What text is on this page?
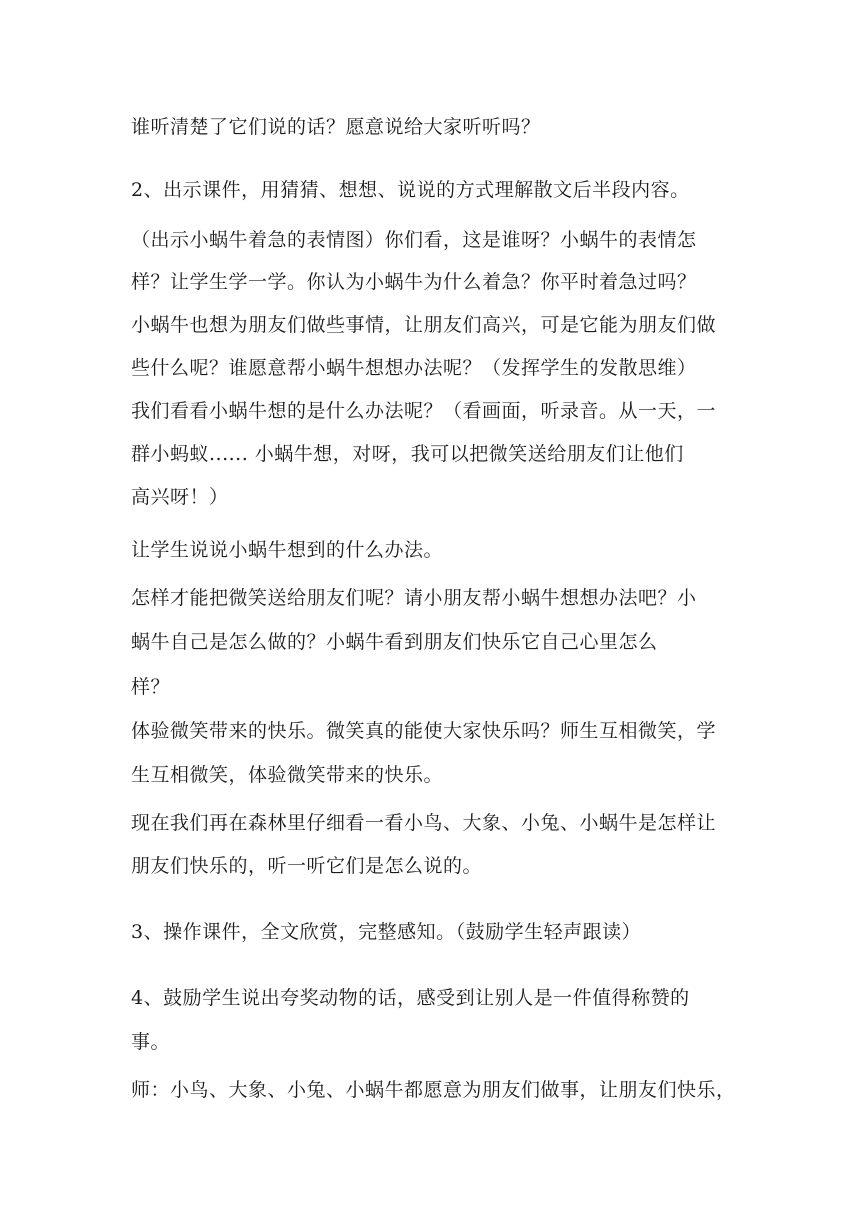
谁听清楚了它们说的话？愿意说给大家听听吗？
2、出示课件，用猜猜、想想、说说的方式理解散文后半段内容。
（出示小蜗牛着急的表情图）你们看，这是谁呀？小蜗牛的表情怎
样？让学生学一学。你认为小蜗牛为什么着急？你平时着急过吗？
小蜗牛也想为朋友们做些事情，让朋友们高兴，可是它能为朋友们做
些什么呢？谁愿意帮小蜗牛想想办法呢？（发挥学生的发散思维）
我们看看小蜗牛想的是什么办法呢？（看画面，听录音。从一天，一
群小蚂蚁...... 小蜗牛想，对呀，我可以把微笑送给朋友们让他们
高兴呀！）
让学生说说小蜗牛想到的什么办法。
怎样才能把微笑送给朋友们呢？请小朋友帮小蜗牛想想办法吧？小
蜗牛自己是怎么做的？小蜗牛看到朋友们快乐它自己心里怎么
样？
体验微笑带来的快乐。微笑真的能使大家快乐吗？师生互相微笑，学
生互相微笑，体验微笑带来的快乐。
现在我们再在森林里仔细看一看小鸟、大象、小兔、小蜗牛是怎样让
朋友们快乐的，听一听它们是怎么说的。
3、操作课件，全文欣赏，完整感知。（鼓励学生轻声跟读）
4、鼓励学生说出夸奖动物的话，感受到让别人是一件值得称赞的
事。
师：小鸟、大象、小兔、小蜗牛都愿意为朋友们做事，让朋友们快乐，
